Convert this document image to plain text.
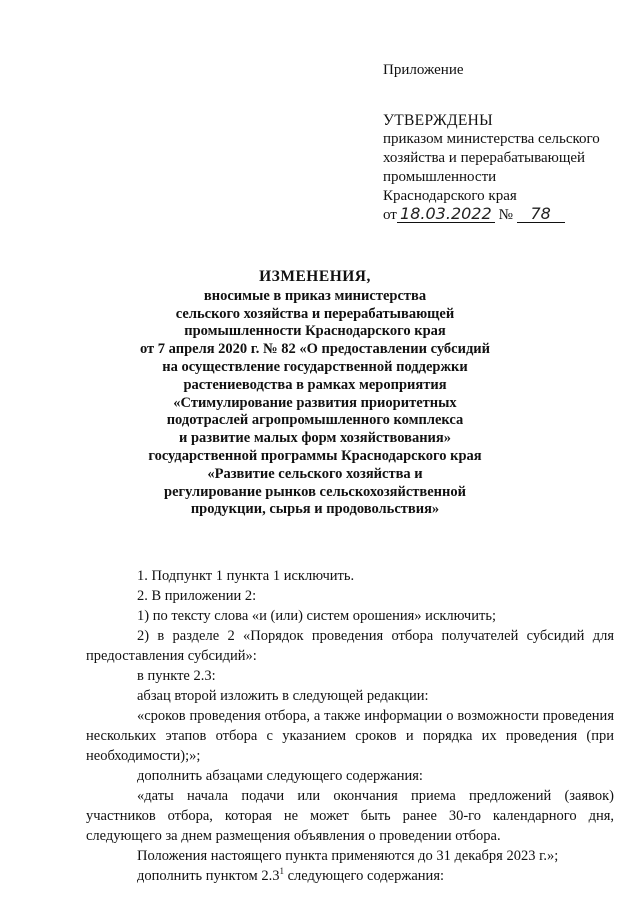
Приложение
УТВЕРЖДЕНЫ
приказом министерства сельского
хозяйства и перерабатывающей
промышленности
Краснодарского края
от 18.03.2022 № 78
ИЗМЕНЕНИЯ,
вносимые в приказ министерства
сельского хозяйства и перерабатывающей
промышленности Краснодарского края
от 7 апреля 2020 г. № 82 «О предоставлении субсидий
на осуществление государственной поддержки
растениеводства в рамках мероприятия
«Стимулирование развития приоритетных
подотраслей агропромышленного комплекса
и развитие малых форм хозяйствования»
государственной программы Краснодарского края
«Развитие сельского хозяйства и
регулирование рынков сельскохозяйственной
продукции, сырья и продовольствия»

1. Подпункт 1 пункта 1 исключить.

2. В приложении 2:

1) по тексту слова «и (или) систем орошения» исключить;

2) в разделе 2 «Порядок проведения отбора получателей субсидий для предоставления субсидий»:

в пункте 2.3:

абзац второй изложить в следующей редакции:

«сроков проведения отбора, а также информации о возможности проведения нескольких этапов отбора с указанием сроков и порядка их проведения (при необходимости);»;

дополнить абзацами следующего содержания:

«даты начала подачи или окончания приема предложений (заявок) участников отбора, которая не может быть ранее 30-го календарного дня, следующего за днем размещения объявления о проведении отбора.

Положения настоящего пункта применяются до 31 декабря 2023 г.»;

дополнить пунктом $2.3^1$ следующего содержания:
